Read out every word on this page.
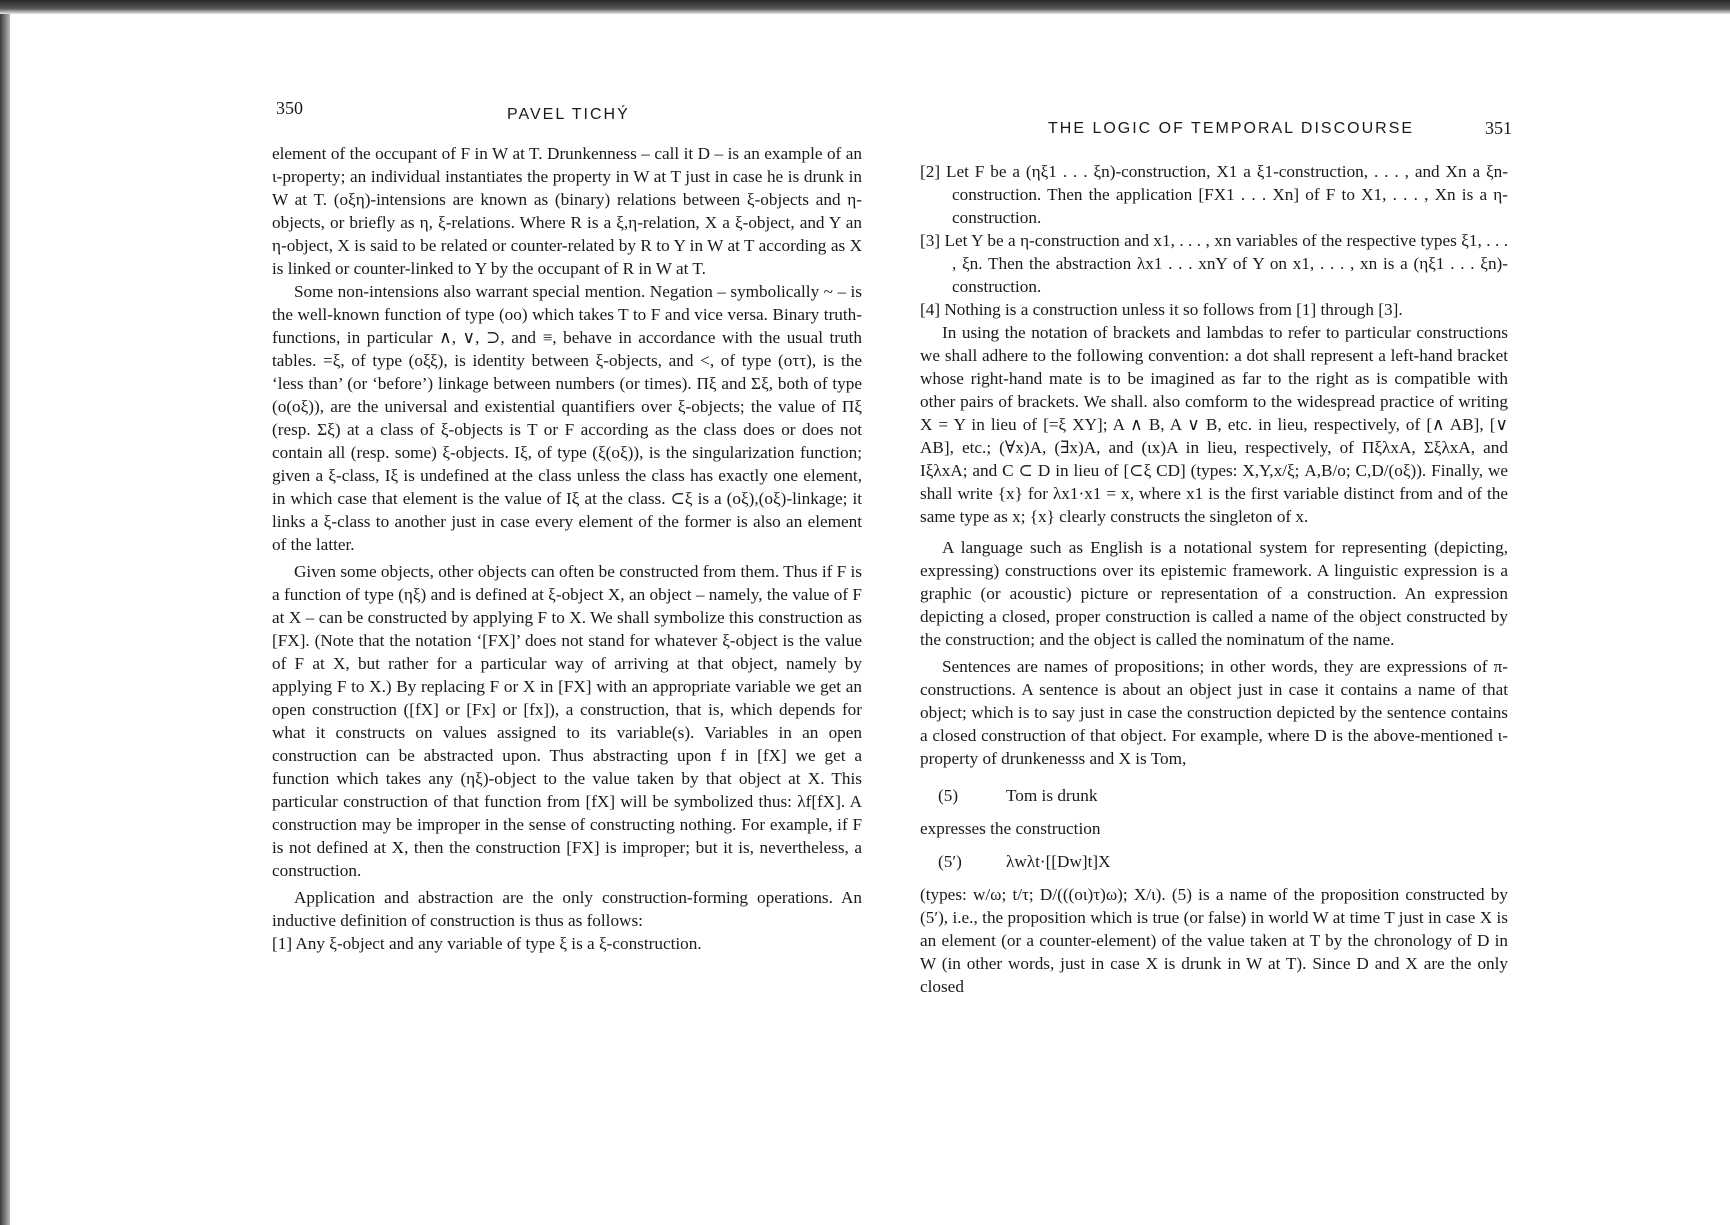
350	PAVEL TICHÝ

element of the occupant of F in W at T. Drunkenness – call it D – is an example of an ι-property; an individual instantiates the property in W at T just in case he is drunk in W at T. (οξη)-intensions are known as (binary) relations between ξ-objects and η-objects, or briefly as η, ξ-relations. Where R is a ξ,η-relation, X a ξ-object, and Y an η-object, X is said to be related or counter-related by R to Y in W at T according as X is linked or counter-linked to Y by the occupant of R in W at T.

Some non-intensions also warrant special mention. Negation – symbolically ~ – is the well-known function of type (οο) which takes T to F and vice versa. Binary truth-functions, in particular ∧, ∨, ⊃, and ≡, behave in accordance with the usual truth tables. =ξ, of type (οξξ), is identity between ξ-objects, and <, of type (οττ), is the ‘less than’ (or ‘before’) linkage between numbers (or times). Πξ and Σξ, both of type (ο(οξ)), are the universal and existential quantifiers over ξ-objects; the value of Πξ (resp. Σξ) at a class of ξ-objects is T or F according as the class does or does not contain all (resp. some) ξ-objects. Iξ, of type (ξ(οξ)), is the singularization function; given a ξ-class, Iξ is undefined at the class unless the class has exactly one element, in which case that element is the value of Iξ at the class. ⊂ξ is a (οξ),(οξ)-linkage; it links a ξ-class to another just in case every element of the former is also an element of the latter.

Given some objects, other objects can often be constructed from them. Thus if F is a function of type (ηξ) and is defined at ξ-object X, an object – namely, the value of F at X – can be constructed by applying F to X. We shall symbolize this construction as [FX]. (Note that the notation ‘[FX]’ does not stand for whatever ξ-object is the value of F at X, but rather for a particular way of arriving at that object, namely by applying F to X.) By replacing F or X in [FX] with an appropriate variable we get an open construction ([fX] or [Fx] or [fx]), a construction, that is, which depends for what it constructs on values assigned to its variable(s). Variables in an open construction can be abstracted upon. Thus abstracting upon f in [fX] we get a function which takes any (ηξ)-object to the value taken by that object at X. This particular construction of that function from [fX] will be symbolized thus: λf[fX]. A construction may be improper in the sense of constructing nothing. For example, if F is not defined at X, then the construction [FX] is improper; but it is, nevertheless, a construction.

Application and abstraction are the only construction-forming operations. An inductive definition of construction is thus as follows:

[1] Any ξ-object and any variable of type ξ is a ξ-construction.

THE LOGIC OF TEMPORAL DISCOURSE	351

[2] Let F be a (ηξ1 . . . ξn)-construction, X1 a ξ1-construction, . . . , and Xn a ξn-construction. Then the application [FX1 . . . Xn] of F to X1, . . . , Xn is a η-construction.

[3] Let Y be a η-construction and x1, . . . , xn variables of the respective types ξ1, . . . , ξn. Then the abstraction λx1 . . . xnY of Y on x1, . . . , xn is a (ηξ1 . . . ξn)-construction.

[4] Nothing is a construction unless it so follows from [1] through [3].

In using the notation of brackets and lambdas to refer to particular constructions we shall adhere to the following convention: a dot shall represent a left-hand bracket whose right-hand mate is to be imagined as far to the right as is compatible with other pairs of brackets. We shall. also comform to the widespread practice of writing X = Y in lieu of [=ξ XY]; A ∧ B, A ∨ B, etc. in lieu, respectively, of [∧ AB], [∨ AB], etc.; (∀x)A, (∃x)A, and (ιx)A in lieu, respectively, of ΠξλxA, ΣξλxA, and IξλxA; and C ⊂ D in lieu of [⊂ξ CD] (types: X,Y,x/ξ; A,B/ο; C,D/(οξ)). Finally, we shall write {x} for λx1·x1 = x, where x1 is the first variable distinct from and of the same type as x; {x} clearly constructs the singleton of x.

A language such as English is a notational system for representing (depicting, expressing) constructions over its epistemic framework. A linguistic expression is a graphic (or acoustic) picture or representation of a construction. An expression depicting a closed, proper construction is called a name of the object constructed by the construction; and the object is called the nominatum of the name.

Sentences are names of propositions; in other words, they are expressions of π-constructions. A sentence is about an object just in case it contains a name of that object; which is to say just in case the construction depicted by the sentence contains a closed construction of that object. For example, where D is the above-mentioned ι-property of drunkenesss and X is Tom,

(5)	Tom is drunk

expresses the construction

(5′)	λwλt·[[Dw]t]X

(types: w/ω; t/τ; D/(((οι)τ)ω); X/ι). (5) is a name of the proposition constructed by (5′), i.e., the proposition which is true (or false) in world W at time T just in case X is an element (or a counter-element) of the value taken at T by the chronology of D in W (in other words, just in case X is drunk in W at T). Since D and X are the only closed
